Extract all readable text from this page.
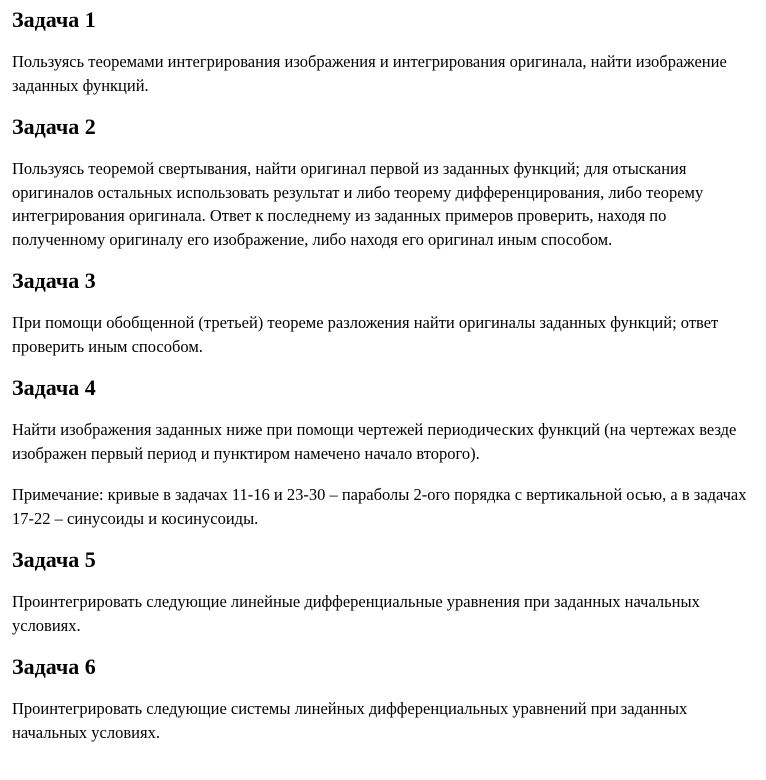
Задача 1

Пользуясь теоремами интегрирования изображения и интегрирования оригинала, найти изображение заданных функций.

Задача 2

Пользуясь теоремой свертывания, найти оригинал первой из заданных функций; для отыскания оригиналов остальных использовать результат и либо теорему дифференцирования, либо теорему интегрирования оригинала. Ответ к последнему из заданных примеров проверить, находя по полученному оригиналу его изображение, либо находя его оригинал иным способом.

Задача 3

При помощи обобщенной (третьей) теореме разложения найти оригиналы заданных функций; ответ проверить иным способом.

Задача 4

Найти изображения заданных ниже при помощи чертежей периодических функций (на чертежах везде изображен первый период и пунктиром намечено начало второго).

Примечание: кривые в задачах 11-16 и 23-30 – параболы 2-ого порядка с вертикальной осью, а в задачах 17-22 – синусоиды и косинусоиды.

Задача 5

Проинтегрировать следующие линейные дифференциальные уравнения при заданных начальных условиях.

Задача 6

Проинтегрировать следующие системы линейных дифференциальных уравнений при заданных начальных условиях.
